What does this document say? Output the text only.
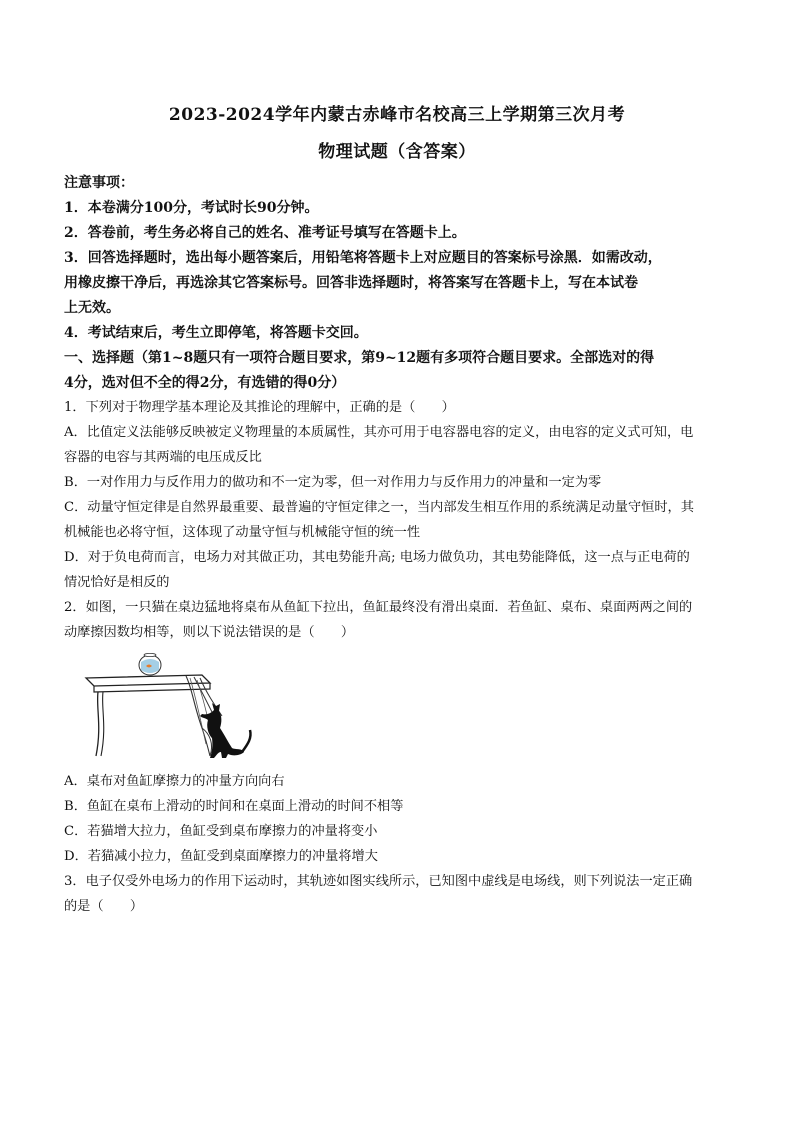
2023-2024学年内蒙古赤峰市名校高三上学期第三次月考
物理试题（含答案）
注意事项：
1．本卷满分100分，考试时长90分钟。
2．答卷前，考生务必将自己的姓名、准考证号填写在答题卡上。
3．回答选择题时，选出每小题答案后，用铅笔将答题卡上对应题目的答案标号涂黑．如需改动，
用橡皮擦干净后，再选涂其它答案标号。回答非选择题时，将答案写在答题卡上，写在本试卷
上无效。
4．考试结束后，考生立即停笔，将答题卡交回。
一、选择题（第1~8题只有一项符合题目要求，第9~12题有多项符合题目要求。全部选对的得
4分，选对但不全的得2分，有选错的得0分）
1．下列对于物理学基本理论及其推论的理解中，正确的是（　　）
A．比值定义法能够反映被定义物理量的本质属性，其亦可用于电容器电容的定义，由电容的定义式可知，电
容器的电容与其两端的电压成反比
B．一对作用力与反作用力的做功和不一定为零，但一对作用力与反作用力的冲量和一定为零
C．动量守恒定律是自然界最重要、最普遍的守恒定律之一，当内部发生相互作用的系统满足动量守恒时，其
机械能也必将守恒，这体现了动量守恒与机械能守恒的统一性
D．对于负电荷而言，电场力对其做正功，其电势能升高; 电场力做负功，其电势能降低，这一点与正电荷的
情况恰好是相反的
2．如图，一只猫在桌边猛地将桌布从鱼缸下拉出，鱼缸最终没有滑出桌面．若鱼缸、桌布、桌面两两之间的
动摩擦因数均相等，则以下说法错误的是（　　）
A．桌布对鱼缸摩擦力的冲量方向向右
B．鱼缸在桌布上滑动的时间和在桌面上滑动的时间不相等
C．若猫增大拉力，鱼缸受到桌布摩擦力的冲量将变小
D．若猫减小拉力，鱼缸受到桌面摩擦力的冲量将增大
3．电子仅受外电场力的作用下运动时，其轨迹如图实线所示，已知图中虚线是电场线，则下列说法一定正确
的是（　　）
